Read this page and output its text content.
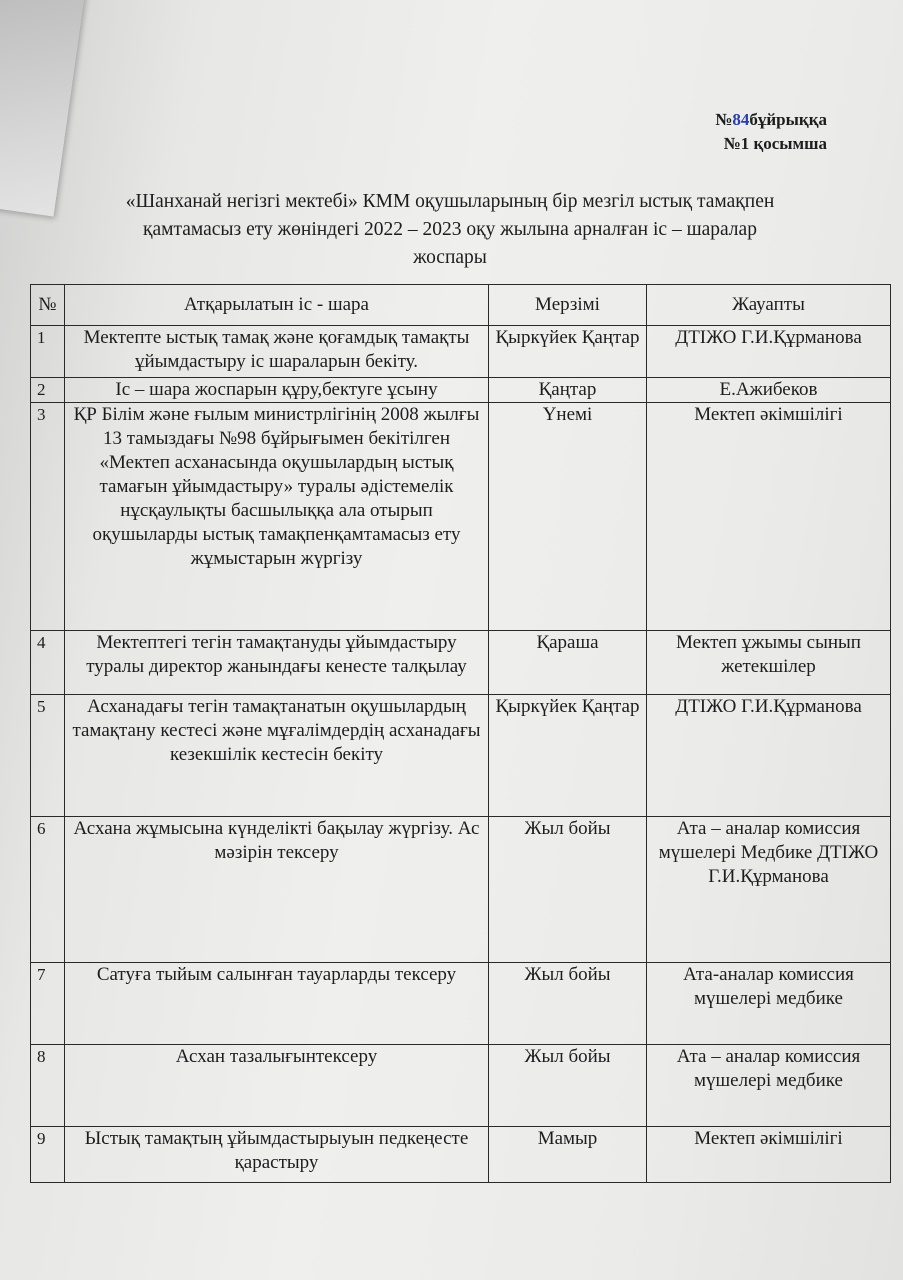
№84бұйрыққа
№1 қосымша
«Шанханай негізгі мектебі» КММ оқушыларының бір мезгіл ыстық тамақпен
қамтамасыз ету жөніндегі 2022 – 2023 оқу жылына арналған іс – шаралар
жоспары
№	Атқарылатын іс - шара	Мерзімі	Жауапты
1	Мектепте ыстық тамақ және қоғамдық тамақты ұйымдастыру іс шараларын бекіту.	Қыркүйек Қаңтар	ДТІЖО Г.И.Құрманова
2	Іс – шара жоспарын құру,бектуге ұсыну	Қаңтар	Е.Ажибеков
3	ҚР Білім және ғылым министрлігінің 2008 жылғы 13 тамыздағы №98 бұйрығымен бекітілген «Мектеп асханасында оқушылардың ыстық тамағын ұйымдастыру» туралы әдістемелік нұсқаулықты басшылыққа ала отырып оқушыларды ыстық тамақпенқамтамасыз ету жұмыстарын жүргізу	Үнемі	Мектеп әкімшілігі
4	Мектептегі тегін тамақтануды ұйымдастыру туралы директор жанындағы кенесте талқылау	Қараша	Мектеп ұжымы сынып жетекшілер
5	Асханадағы тегін тамақтанатын оқушылардың тамақтану кестесі және мұғалімдердің асханадағы кезекшілік кестесін бекіту	Қыркүйек Қаңтар	ДТІЖО Г.И.Құрманова
6	Асхана жұмысына күнделікті бақылау жүргізу. Ас мәзірін тексеру	Жыл бойы	Ата – аналар комиссия мүшелері Медбике ДТІЖО Г.И.Құрманова
7	Сатуға тыйым салынған тауарларды тексеру	Жыл бойы	Ата-аналар комиссия мүшелері медбике
8	Асхан тазалығынтексеру	Жыл бойы	Ата – аналар комиссия мүшелері медбике
9	Ыстық тамақтың ұйымдастырыуын педкеңесте қарастыру	Мамыр	Мектеп әкімшілігі
